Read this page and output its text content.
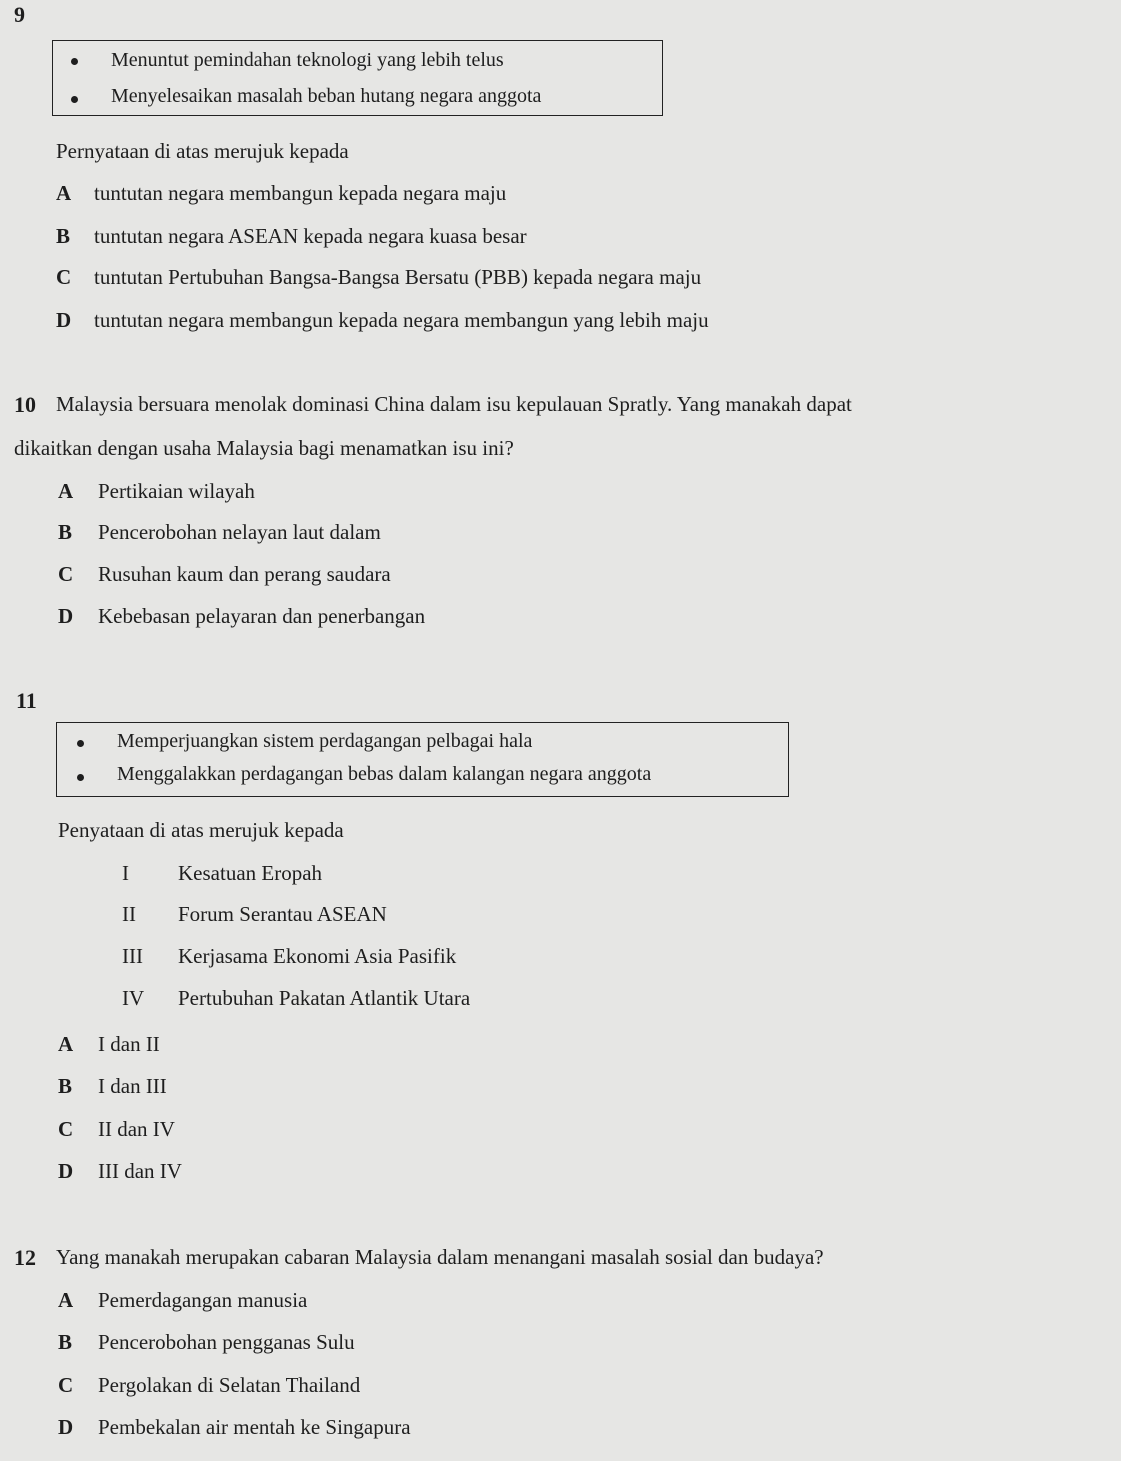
9
Menuntut pemindahan teknologi yang lebih telus
Menyelesaikan masalah beban hutang negara anggota
Pernyataan di atas merujuk kepada
A tuntutan negara membangun kepada negara maju
B tuntutan negara ASEAN kepada negara kuasa besar
C tuntutan Pertubuhan Bangsa-Bangsa Bersatu (PBB) kepada negara maju
D tuntutan negara membangun kepada negara membangun yang lebih maju
10 Malaysia bersuara menolak dominasi China dalam isu kepulauan Spratly. Yang manakah dapat
dikaitkan dengan usaha Malaysia bagi menamatkan isu ini?
A Pertikaian wilayah
B Pencerobohan nelayan laut dalam
C Rusuhan kaum dan perang saudara
D Kebebasan pelayaran dan penerbangan
11
Memperjuangkan sistem perdagangan pelbagai hala
Menggalakkan perdagangan bebas dalam kalangan negara anggota
Penyataan di atas merujuk kepada
I Kesatuan Eropah
II Forum Serantau ASEAN
III Kerjasama Ekonomi Asia Pasifik
IV Pertubuhan Pakatan Atlantik Utara
A I dan II
B I dan III
C II dan IV
D III dan IV
12 Yang manakah merupakan cabaran Malaysia dalam menangani masalah sosial dan budaya?
A Pemerdagangan manusia
B Pencerobohan pengganas Sulu
C Pergolakan di Selatan Thailand
D Pembekalan air mentah ke Singapura
